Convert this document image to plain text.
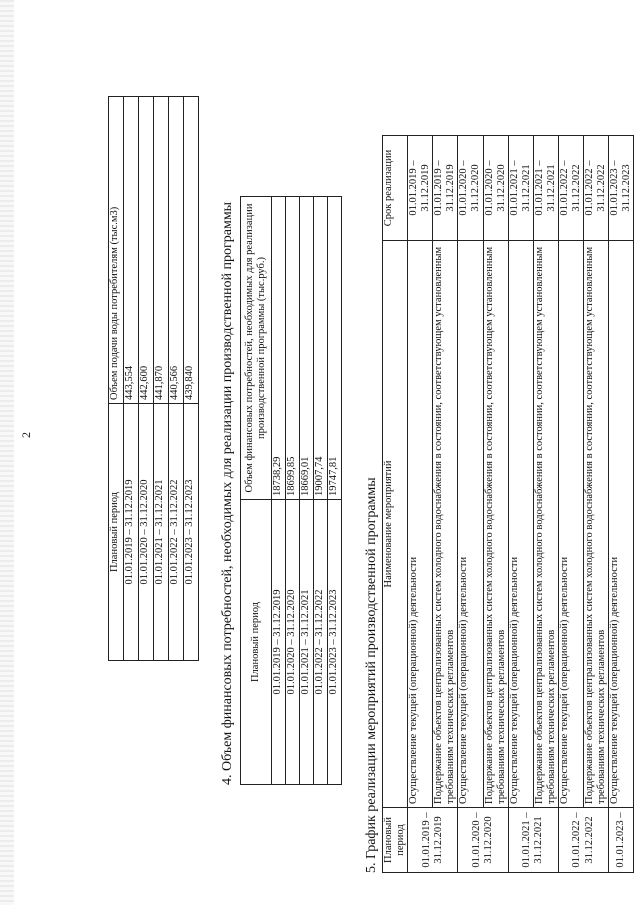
2
Плановый период	Объем подачи воды потребителям (тыс.м3)
01.01.2019 – 31.12.2019	443,554
01.01.2020 – 31.12.2020	442,600
01.01.2021 – 31.12.2021	441,870
01.01.2022 – 31.12.2022	440,566
01.01.2023 – 31.12.2023	439,840 4. Объем финансовых потребностей, необходимых для реализации производственной программы Плановый период	Объем финансовых потребностей, необходимых для реализации производственной программы (тыс.руб.)
01.01.2019 – 31.12.2019	18738,29
01.01.2020 – 31.12.2020	18699,85
01.01.2021 – 31.12.2021	18669,01
01.01.2022 – 31.12.2022	19007,74
01.01.2023 – 31.12.2023	19747,81
5. График реализации мероприятий производственной программы Плановый период	Наименование мероприятий	Срок реализации
01.01.2019 – 31.12.2019	Осуществление текущей (операционной) деятельности	01.01.2019 – 31.12.2019
	Поддержание объектов централизованных систем холодного водоснабжения в состоянии, соответствующем установленным требованиям технических регламентов	01.01.2019 – 31.12.2019
01.01.2020 – 31.12.2020	Осуществление текущей (операционной) деятельности	01.01.2020 – 31.12.2020
	Поддержание объектов централизованных систем холодного водоснабжения в состоянии, соответствующем установленным требованиям технических регламентов	01.01.2020 – 31.12.2020
01.01.2021 – 31.12.2021	Осуществление текущей (операционной) деятельности	01.01.2021 – 31.12.2021
	Поддержание объектов централизованных систем холодного водоснабжения в состоянии, соответствующем установленным требованиям технических регламентов	01.01.2021 – 31.12.2021
01.01.2022 – 31.12.2022	Осуществление текущей (операционной) деятельности	01.01.2022 – 31.12.2022
	Поддержание объектов централизованных систем холодного водоснабжения в состоянии, соответствующем установленным требованиям технических регламентов	01.01.2022 – 31.12.2022
01.01.2023 –	Осуществление текущей (операционной) деятельности	01.01.2023 – 31.12.2023
